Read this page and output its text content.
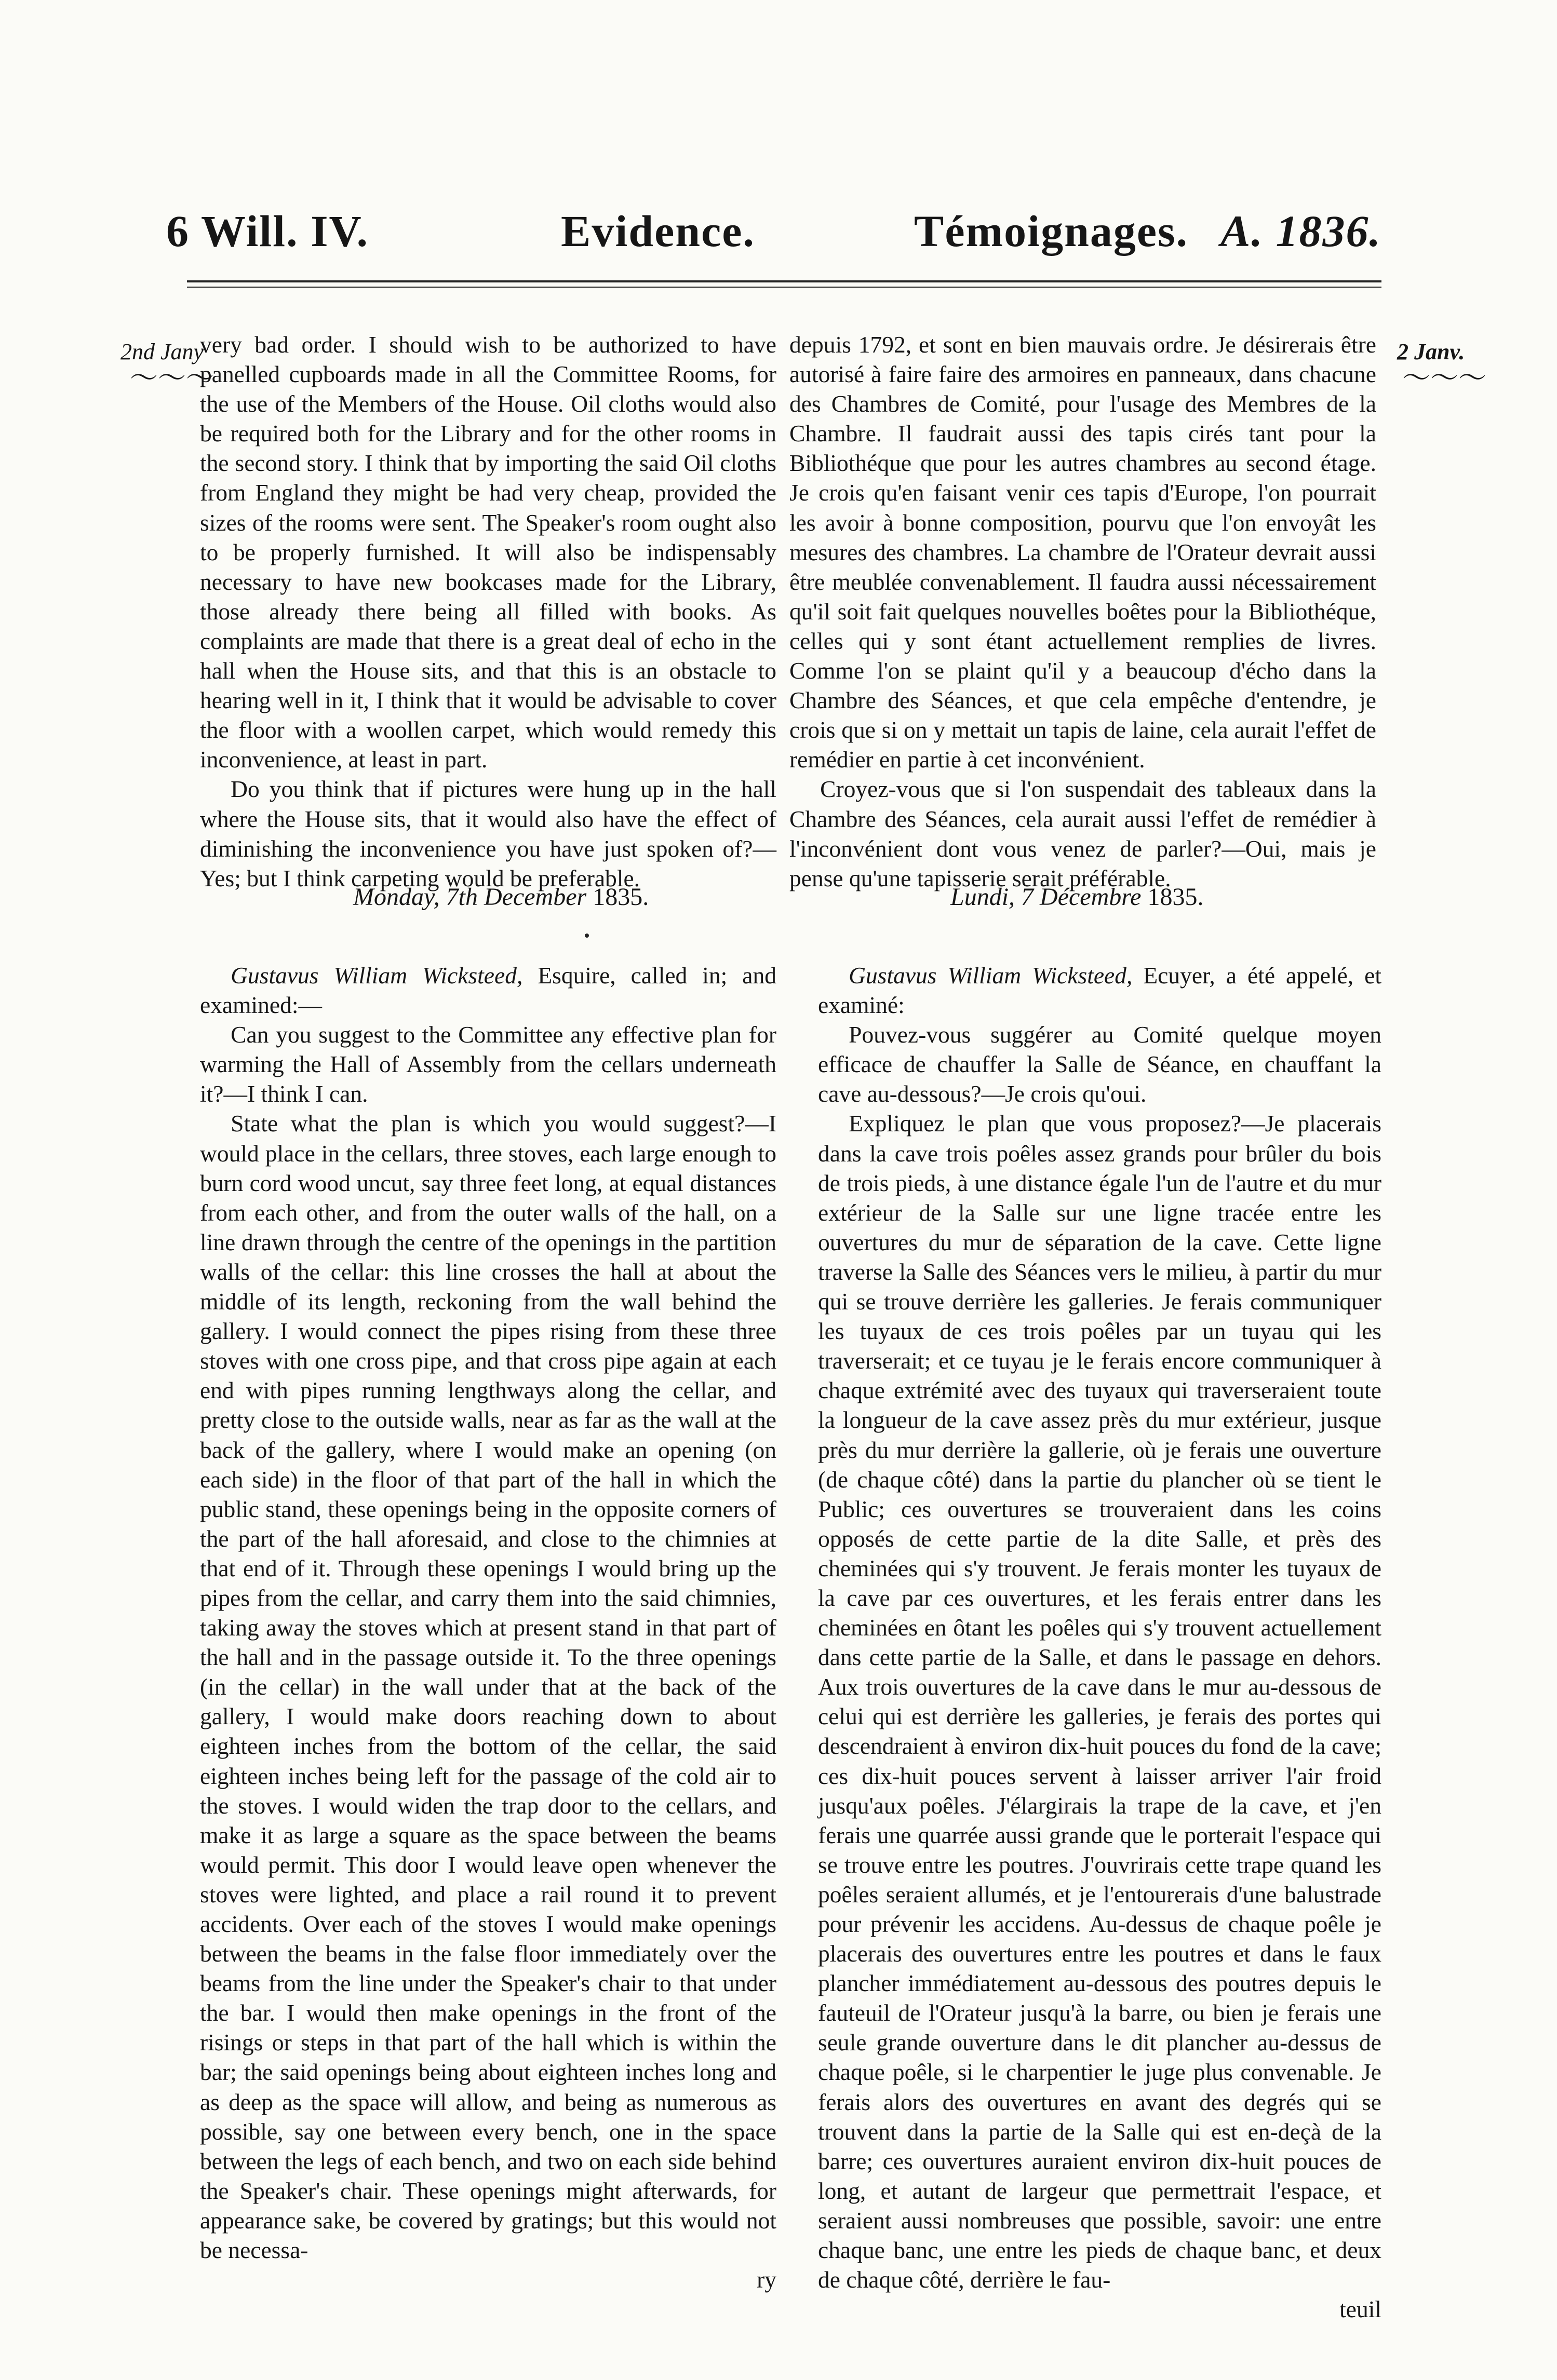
6 Will. IV.	Evidence.	Témoignages. A. 1836.
2nd Jany
～～～
2 Janv.
～～～

very bad order. I should wish to be authorized to have panelled cupboards made in all the Committee Rooms, for the use of the Members of the House. Oil cloths would also be required both for the Library and for the other rooms in the second story. I think that by importing the said Oil cloths from England they might be had very cheap, provided the sizes of the rooms were sent. The Speaker's room ought also to be properly furnished. It will also be indispensably necessary to have new bookcases made for the Library, those already there being all filled with books. As complaints are made that there is a great deal of echo in the hall when the House sits, and that this is an obstacle to hearing well in it, I think that it would be advisable to cover the floor with a woollen carpet, which would remedy this inconvenience, at least in part.

Do you think that if pictures were hung up in the hall where the House sits, that it would also have the effect of diminishing the inconvenience you have just spoken of?—Yes; but I think carpeting would be preferable.

depuis 1792, et sont en bien mauvais ordre. Je désirerais être autorisé à faire faire des armoires en panneaux, dans chacune des Chambres de Comité, pour l'usage des Membres de la Chambre. Il faudrait aussi des tapis cirés tant pour la Bibliothéque que pour les autres chambres au second étage. Je crois qu'en faisant venir ces tapis d'Europe, l'on pourrait les avoir à bonne composition, pourvu que l'on envoyât les mesures des chambres. La chambre de l'Orateur devrait aussi être meublée convenablement. Il faudra aussi nécessairement qu'il soit fait quelques nouvelles boêtes pour la Bibliothéque, celles qui y sont étant actuellement remplies de livres. Comme l'on se plaint qu'il y a beaucoup d'écho dans la Chambre des Séances, et que cela empêche d'entendre, je crois que si on y mettait un tapis de laine, cela aurait l'effet de remédier en partie à cet inconvénient.

Croyez-vous que si l'on suspendait des tableaux dans la Chambre des Séances, cela aurait aussi l'effet de remédier à l'inconvénient dont vous venez de parler?—Oui, mais je pense qu'une tapisserie serait préférable.

Monday, 7th December 1835.	Lundi, 7 Décembre 1835.

Gustavus William Wicksteed, Esquire, called in; and examined:—

Can you suggest to the Committee any effective plan for warming the Hall of Assembly from the cellars underneath it?—I think I can.

State what the plan is which you would suggest?—I would place in the cellars, three stoves, each large enough to burn cord wood uncut, say three feet long, at equal distances from each other, and from the outer walls of the hall, on a line drawn through the centre of the openings in the partition walls of the cellar: this line crosses the hall at about the middle of its length, reckoning from the wall behind the gallery. I would connect the pipes rising from these three stoves with one cross pipe, and that cross pipe again at each end with pipes running lengthways along the cellar, and pretty close to the outside walls, near as far as the wall at the back of the gallery, where I would make an opening (on each side) in the floor of that part of the hall in which the public stand, these openings being in the opposite corners of the part of the hall aforesaid, and close to the chimnies at that end of it. Through these openings I would bring up the pipes from the cellar, and carry them into the said chimnies, taking away the stoves which at present stand in that part of the hall and in the passage outside it. To the three openings (in the cellar) in the wall under that at the back of the gallery, I would make doors reaching down to about eighteen inches from the bottom of the cellar, the said eighteen inches being left for the passage of the cold air to the stoves. I would widen the trap door to the cellars, and make it as large a square as the space between the beams would permit. This door I would leave open whenever the stoves were lighted, and place a rail round it to prevent accidents. Over each of the stoves I would make openings between the beams in the false floor immediately over the beams from the line under the Speaker's chair to that under the bar. I would then make openings in the front of the risings or steps in that part of the hall which is within the bar; the said openings being about eighteen inches long and as deep as the space will allow, and being as numerous as possible, say one between every bench, one in the space between the legs of each bench, and two on each side behind the Speaker's chair. These openings might afterwards, for appearance sake, be covered by gratings; but this would not be necessa-

ry

Gustavus William Wicksteed, Ecuyer, a été appelé, et examiné:

Pouvez-vous suggérer au Comité quelque moyen efficace de chauffer la Salle de Séance, en chauffant la cave au-dessous?—Je crois qu'oui.

Expliquez le plan que vous proposez?—Je placerais dans la cave trois poêles assez grands pour brûler du bois de trois pieds, à une distance égale l'un de l'autre et du mur extérieur de la Salle sur une ligne tracée entre les ouvertures du mur de séparation de la cave. Cette ligne traverse la Salle des Séances vers le milieu, à partir du mur qui se trouve derrière les galleries. Je ferais communiquer les tuyaux de ces trois poêles par un tuyau qui les traverserait; et ce tuyau je le ferais encore communiquer à chaque extrémité avec des tuyaux qui traverseraient toute la longueur de la cave assez près du mur extérieur, jusque près du mur derrière la gallerie, où je ferais une ouverture (de chaque côté) dans la partie du plancher où se tient le Public; ces ouvertures se trouveraient dans les coins opposés de cette partie de la dite Salle, et près des cheminées qui s'y trouvent. Je ferais monter les tuyaux de la cave par ces ouvertures, et les ferais entrer dans les cheminées en ôtant les poêles qui s'y trouvent actuellement dans cette partie de la Salle, et dans le passage en dehors. Aux trois ouvertures de la cave dans le mur au-dessous de celui qui est derrière les galleries, je ferais des portes qui descendraient à environ dix-huit pouces du fond de la cave; ces dix-huit pouces servent à laisser arriver l'air froid jusqu'aux poêles. J'élargirais la trape de la cave, et j'en ferais une quarrée aussi grande que le porterait l'espace qui se trouve entre les poutres. J'ouvrirais cette trape quand les poêles seraient allumés, et je l'entourerais d'une balustrade pour prévenir les accidens. Au-dessus de chaque poêle je placerais des ouvertures entre les poutres et dans le faux plancher immédiatement au-dessous des poutres depuis le fauteuil de l'Orateur jusqu'à la barre, ou bien je ferais une seule grande ouverture dans le dit plancher au-dessus de chaque poêle, si le charpentier le juge plus convenable. Je ferais alors des ouvertures en avant des degrés qui se trouvent dans la partie de la Salle qui est en-deçà de la barre; ces ouvertures auraient environ dix-huit pouces de long, et autant de largeur que permettrait l'espace, et seraient aussi nombreuses que possible, savoir: une entre chaque banc, une entre les pieds de chaque banc, et deux de chaque côté, derrière le fau-

teuil
